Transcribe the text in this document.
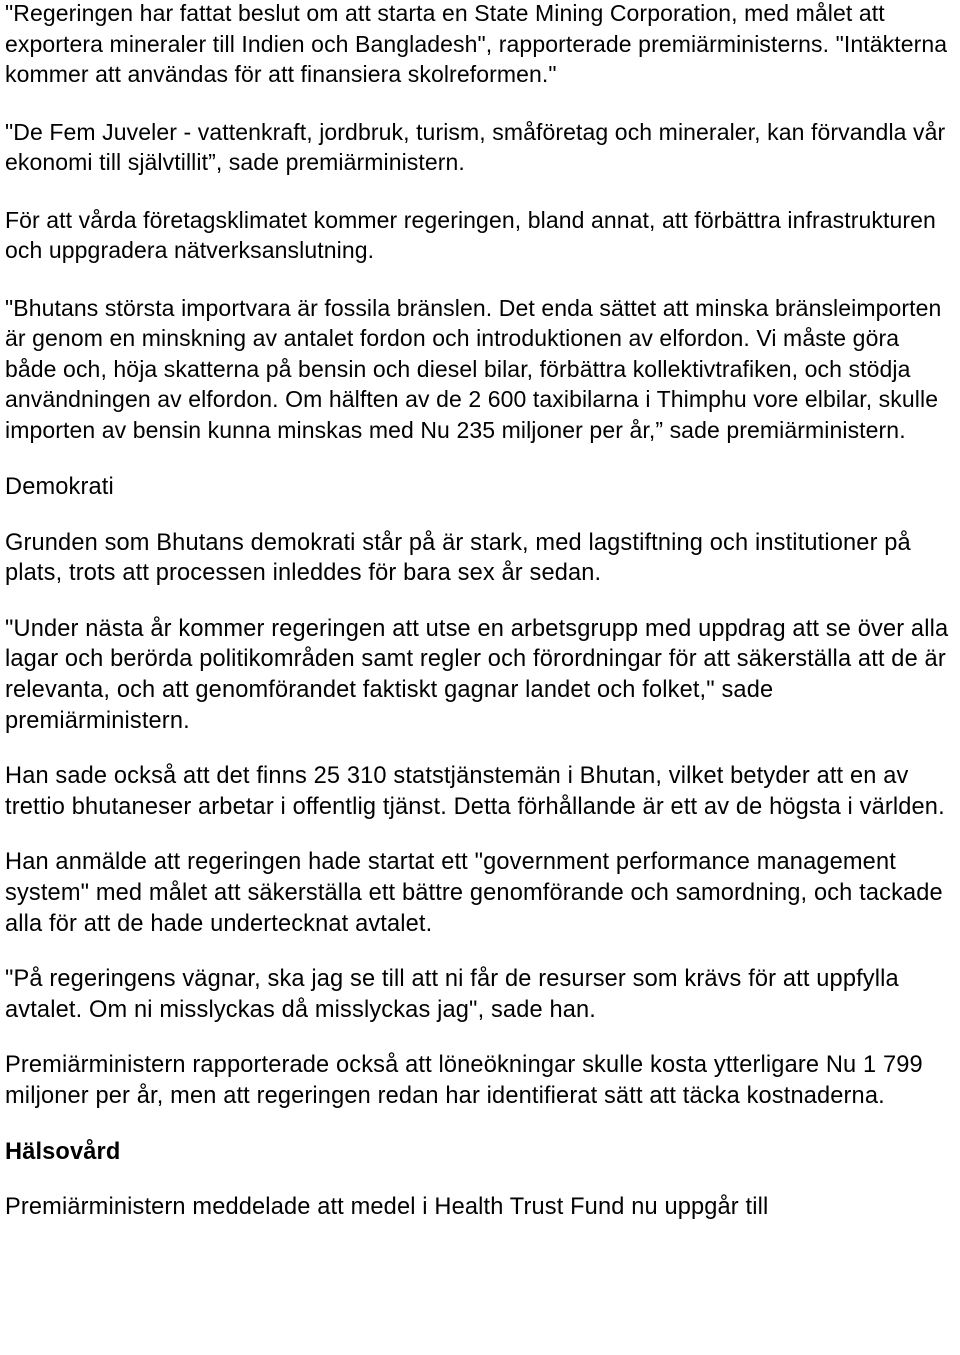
"Regeringen har fattat beslut om att starta en State Mining Corporation, med målet att exportera mineraler till Indien och Bangladesh", rapporterade premiärministerns. "Intäkterna kommer att användas för att finansiera skolreformen."

"De Fem Juveler - vattenkraft, jordbruk, turism, småföretag och mineraler, kan förvandla vår ekonomi till självtillit”, sade premiärministern.

För att vårda företagsklimatet kommer regeringen, bland annat, att förbättra infrastrukturen och uppgradera nätverksanslutning.

"Bhutans största importvara är fossila bränslen. Det enda sättet att minska bränsleimporten är genom en minskning av antalet fordon och introduktionen av elfordon. Vi måste göra både och, höja skatterna på bensin och diesel bilar, förbättra kollektivtrafiken, och stödja användningen av elfordon. Om hälften av de 2 600 taxibilarna i Thimphu vore elbilar, skulle importen av bensin kunna minskas med Nu 235 miljoner per år,” sade premiärministern.

Demokrati

Grunden som Bhutans demokrati står på är stark, med lagstiftning och institutioner på plats, trots att processen inleddes för bara sex år sedan.

"Under nästa år kommer regeringen att utse en arbetsgrupp med uppdrag att se över alla lagar och berörda politikområden samt regler och förordningar för att säkerställa att de är relevanta, och att genomförandet faktiskt gagnar landet och folket," sade premiärministern.

Han sade också att det finns 25 310 statstjänstemän i Bhutan, vilket betyder att en av trettio bhutaneser arbetar i offentlig tjänst. Detta förhållande är ett av de högsta i världen.

Han anmälde att regeringen hade startat ett "government performance management system" med målet att säkerställa ett bättre genomförande och samordning, och tackade alla för att de hade undertecknat avtalet.

"På regeringens vägnar, ska jag se till att ni får de resurser som krävs för att uppfylla avtalet. Om ni misslyckas då misslyckas jag", sade han.

Premiärministern rapporterade också att löneökningar skulle kosta ytterligare Nu 1 799 miljoner per år, men att regeringen redan har identifierat sätt att täcka kostnaderna.

Hälsovård

Premiärministern meddelade att medel i Health Trust Fund nu uppgår till
